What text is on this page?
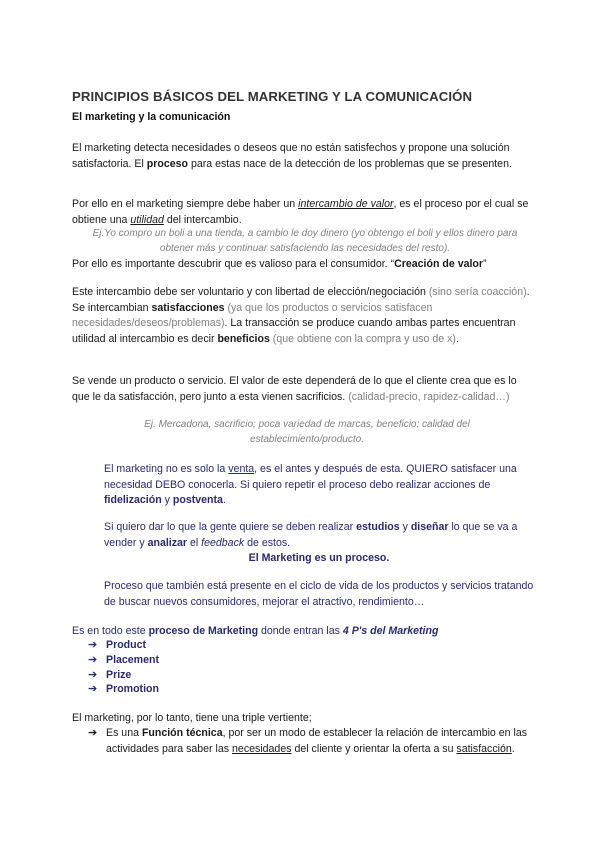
PRINCIPIOS BÁSICOS DEL MARKETING Y LA COMUNICACIÓN
El marketing y la comunicación
El marketing detecta necesidades o deseos que no están satisfechos y propone una solución satisfactoria. El proceso para estas nace de la detección de los problemas que se presenten.
Por ello en el marketing siempre debe haber un intercambio de valor, es el proceso por el cual se obtiene una utilidad del intercambio.
Ej.Yo compro un boli a una tienda, a cambio le doy dinero (yo obtengo el boli y ellos dinero para obtener más y continuar satisfaciendo las necesidades del resto).
Por ello es importante descubrir que es valioso para el consumidor. “Creación de valor”
Este intercambio debe ser voluntario y con libertad de elección/negociación (sino sería coacción). Se intercambian satisfacciones (ya que los productos o servicios satisfacen necesidades/deseos/problemas). La transacción se produce cuando ambas partes encuentran utilidad al intercambio es decir beneficios (que obtiene con la compra y uso de x).
Se vende un producto o servicio. El valor de este dependerá de lo que el cliente crea que es lo que le da satisfacción, pero junto a esta vienen sacrificios. (calidad-precio, rapidez-calidad…)
Ej. Mercadona, sacrificio; poca variedad de marcas, beneficio; calidad del establecimiento/producto.
El marketing no es solo la venta, es el antes y después de esta. QUIERO satisfacer una necesidad DEBO conocerla. Si quiero repetir el proceso debo realizar acciones de fidelización y postventa.
Si quiero dar lo que la gente quiere se deben realizar estudios y diseñar lo que se va a vender y analizar el feedback de estos.
El Marketing es un proceso.
Proceso que también está presente en el ciclo de vida de los productos y servicios tratando de buscar nuevos consumidores, mejorar el atractivo, rendimiento…
Es en todo este proceso de Marketing donde entran las 4 P's del Marketing
➔ Product
➔ Placement
➔ Prize
➔ Promotion
El marketing, por lo tanto, tiene una triple vertiente;
➔ Es una Función técnica, por ser un modo de establecer la relación de intercambio en las actividades para saber las necesidades del cliente y orientar la oferta a su satisfacción.
